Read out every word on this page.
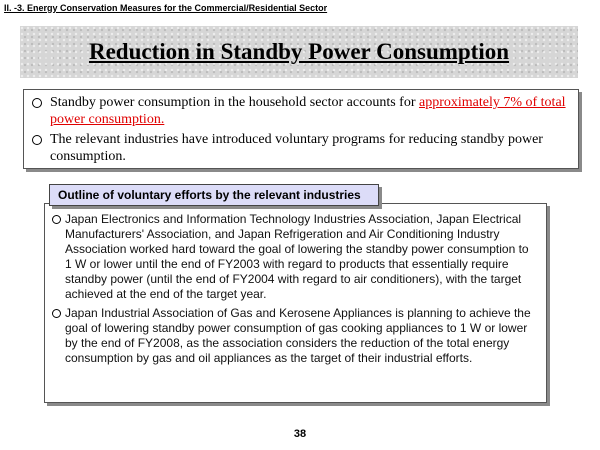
II. -3. Energy Conservation Measures for the Commercial/Residential Sector
Reduction in Standby Power Consumption
Standby power consumption in the household sector accounts for approximately 7% of total power consumption.
The relevant industries have introduced voluntary programs for reducing standby power consumption.
Outline of voluntary efforts by the relevant industries
Japan Electronics and Information Technology Industries Association, Japan Electrical Manufacturers' Association, and Japan Refrigeration and Air Conditioning Industry Association worked hard toward the goal of lowering the standby power consumption to 1 W or lower until the end of FY2003 with regard to products that essentially require standby power (until the end of FY2004 with regard to air conditioners), with the target achieved at the end of the target year.
Japan Industrial Association of Gas and Kerosene Appliances is planning to achieve the goal of lowering standby power consumption of gas cooking appliances to 1 W or lower by the end of FY2008, as the association considers the reduction of the total energy consumption by gas and oil appliances as the target of their industrial efforts.
38
